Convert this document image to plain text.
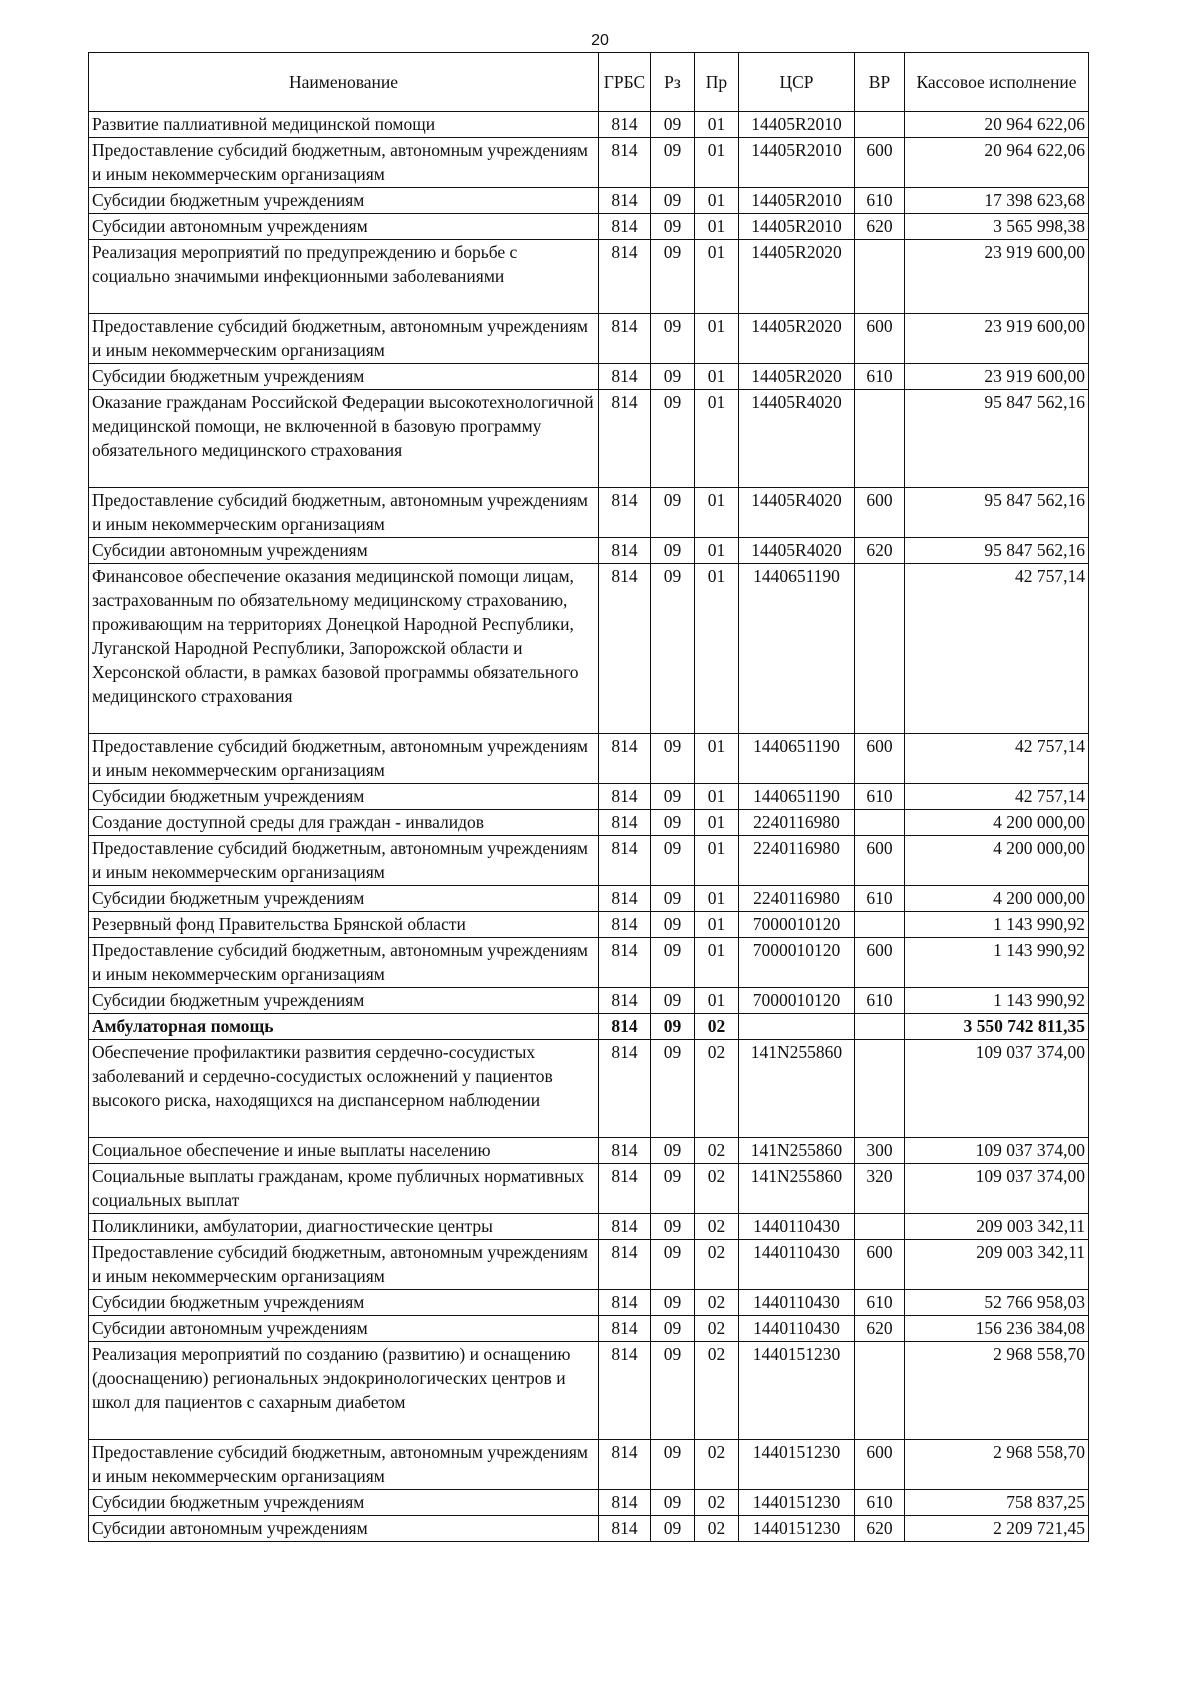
20
Наименование	ГРБС	Рз	Пр	ЦСР	ВР	Кассовое исполнение
Развитие паллиативной медицинской помощи	814	09	01	14405R2010		20 964 622,06
Предоставление субсидий бюджетным, автономным учреждениям и иным некоммерческим организациям	814	09	01	14405R2010	600	20 964 622,06
Субсидии бюджетным учреждениям	814	09	01	14405R2010	610	17 398 623,68
Субсидии автономным учреждениям	814	09	01	14405R2010	620	3 565 998,38
Реализация мероприятий по предупреждению и борьбе с социально значимыми инфекционными заболеваниями	814	09	01	14405R2020		23 919 600,00
Предоставление субсидий бюджетным, автономным учреждениям и иным некоммерческим организациям	814	09	01	14405R2020	600	23 919 600,00
Субсидии бюджетным учреждениям	814	09	01	14405R2020	610	23 919 600,00
Оказание гражданам Российской Федерации высокотехнологичной медицинской помощи, не включенной в базовую программу обязательного медицинского страхования	814	09	01	14405R4020		95 847 562,16
Предоставление субсидий бюджетным, автономным учреждениям и иным некоммерческим организациям	814	09	01	14405R4020	600	95 847 562,16
Субсидии автономным учреждениям	814	09	01	14405R4020	620	95 847 562,16
Финансовое обеспечение оказания медицинской помощи лицам, застрахованным по обязательному медицинскому страхованию, проживающим на территориях Донецкой Народной Республики, Луганской Народной Республики, Запорожской области и Херсонской области, в рамках базовой программы обязательного медицинского страхования	814	09	01	1440651190		42 757,14
Предоставление субсидий бюджетным, автономным учреждениям и иным некоммерческим организациям	814	09	01	1440651190	600	42 757,14
Субсидии бюджетным учреждениям	814	09	01	1440651190	610	42 757,14
Создание доступной среды для граждан - инвалидов	814	09	01	2240116980		4 200 000,00
Предоставление субсидий бюджетным, автономным учреждениям и иным некоммерческим организациям	814	09	01	2240116980	600	4 200 000,00
Субсидии бюджетным учреждениям	814	09	01	2240116980	610	4 200 000,00
Резервный фонд Правительства Брянской области	814	09	01	7000010120		1 143 990,92
Предоставление субсидий бюджетным, автономным учреждениям и иным некоммерческим организациям	814	09	01	7000010120	600	1 143 990,92
Субсидии бюджетным учреждениям	814	09	01	7000010120	610	1 143 990,92
Амбулаторная помощь	814	09	02			3 550 742 811,35
Обеспечение профилактики развития сердечно-сосудистых заболеваний и сердечно-сосудистых осложнений у пациентов высокого риска, находящихся на диспансерном наблюдении	814	09	02	141N255860		109 037 374,00
Социальное обеспечение и иные выплаты населению	814	09	02	141N255860	300	109 037 374,00
Социальные выплаты гражданам, кроме публичных нормативных социальных выплат	814	09	02	141N255860	320	109 037 374,00
Поликлиники, амбулатории, диагностические центры	814	09	02	1440110430		209 003 342,11
Предоставление субсидий бюджетным, автономным учреждениям и иным некоммерческим организациям	814	09	02	1440110430	600	209 003 342,11
Субсидии бюджетным учреждениям	814	09	02	1440110430	610	52 766 958,03
Субсидии автономным учреждениям	814	09	02	1440110430	620	156 236 384,08
Реализация мероприятий по созданию (развитию) и оснащению (дооснащению) региональных эндокринологических центров и школ для пациентов с сахарным диабетом	814	09	02	1440151230		2 968 558,70
Предоставление субсидий бюджетным, автономным учреждениям и иным некоммерческим организациям	814	09	02	1440151230	600	2 968 558,70
Субсидии бюджетным учреждениям	814	09	02	1440151230	610	758 837,25
Субсидии автономным учреждениям	814	09	02	1440151230	620	2 209 721,45
